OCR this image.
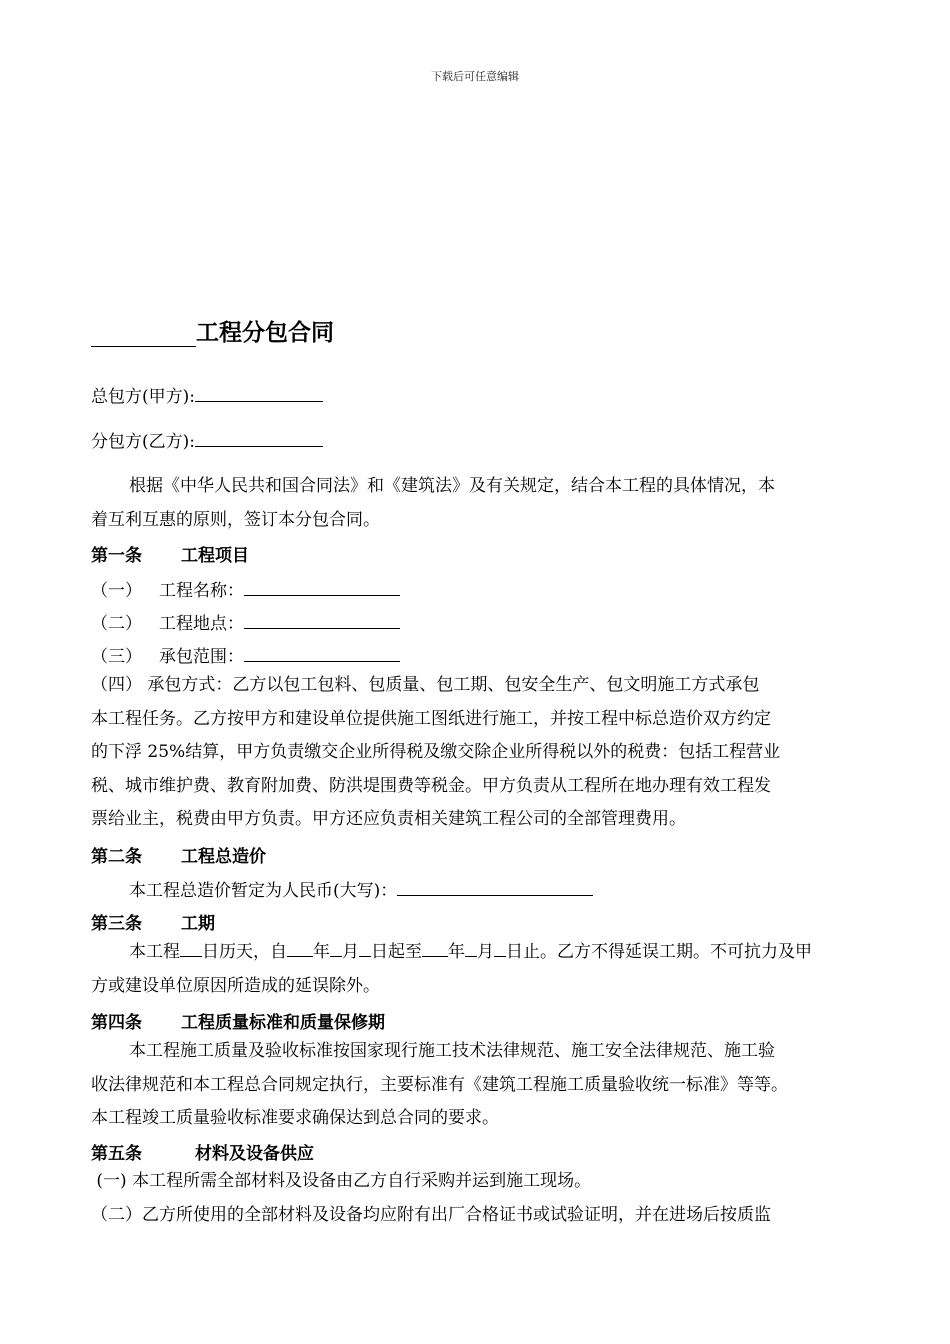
下载后可任意编辑
工程分包合同
总包方(甲方):
分包方(乙方):

根据《中华人民共和国合同法》和《建筑法》及有关规定，结合本工程的具体情况，本

着互利互惠的原则，签订本分包合同。

第一条 工程项目
（一） 工程名称：
（二） 工程地点：
（三） 承包范围：

（四） 承包方式：乙方以包工包料、包质量、包工期、包安全生产、包文明施工方式承包

本工程任务。乙方按甲方和建设单位提供施工图纸进行施工，并按工程中标总造价双方约定

的下浮 25%结算，甲方负责缴交企业所得税及缴交除企业所得税以外的税费：包括工程营业

税、城市维护费、教育附加费、防洪堤围费等税金。甲方负责从工程所在地办理有效工程发

票给业主，税费由甲方负责。甲方还应负责相关建筑工程公司的全部管理费用。

第二条 工程总造价
本工程总造价暂定为人民币(大写)：
第三条 工期

本工程 日历天，自 年 月 日起至 年 月 日止。乙方不得延误工期。不可抗力及甲

方或建设单位原因所造成的延误除外。

第四条 工程质量标准和质量保修期

本工程施工质量及验收标准按国家现行施工技术法律规范、施工安全法律规范、施工验

收法律规范和本工程总合同规定执行，主要标准有《建筑工程施工质量验收统一标准》等等。

本工程竣工质量验收标准要求确保达到总合同的要求。

第五条	材料及设备供应

(一) 本工程所需全部材料及设备由乙方自行采购并运到施工现场。

（二）乙方所使用的全部材料及设备均应附有出厂合格证书或试验证明，并在进场后按质监
